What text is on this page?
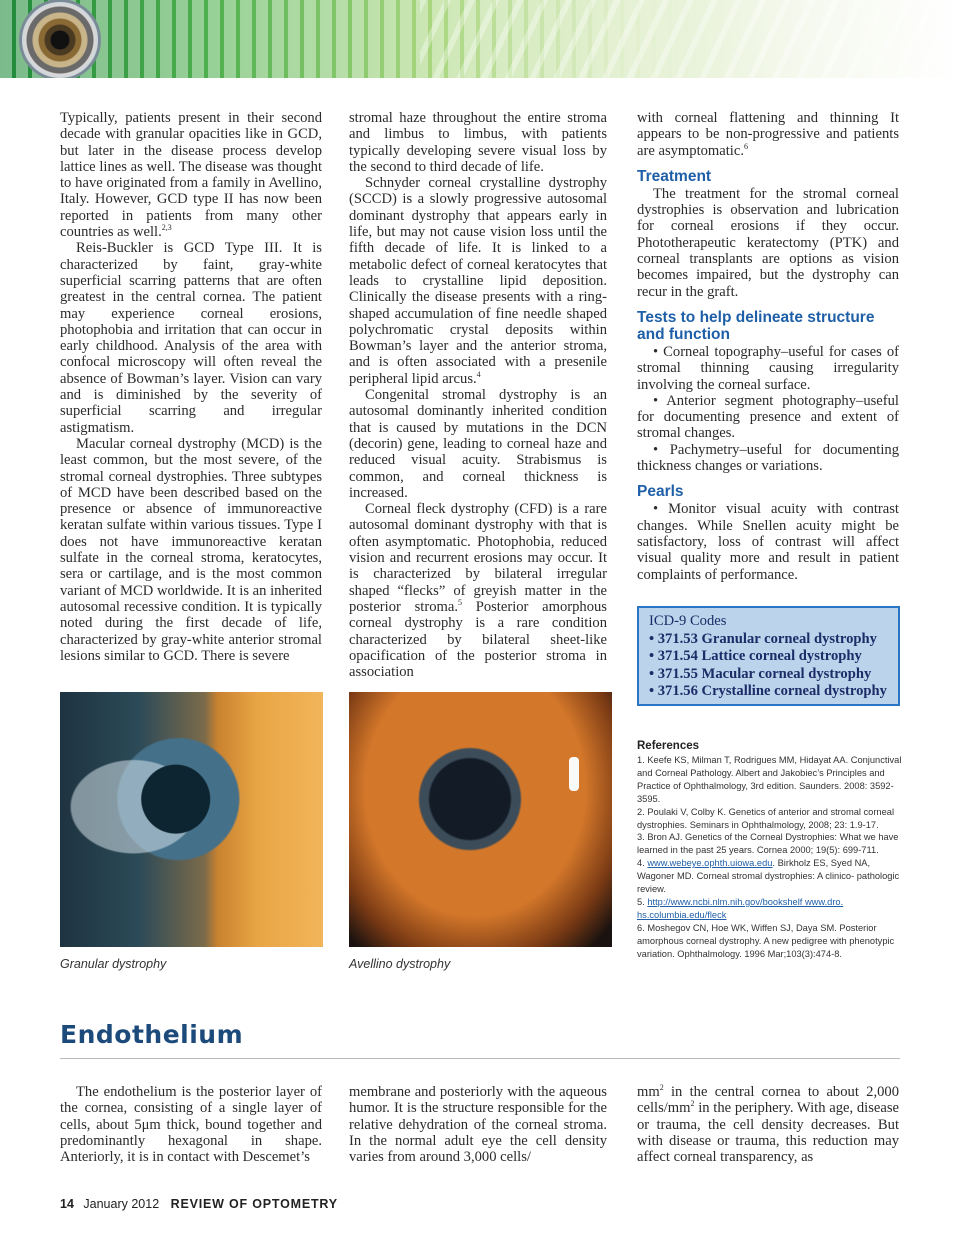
Typically, patients present in their second decade with granular opacities like in GCD, but later in the disease process develop lattice lines as well. The disease was thought to have originated from a family in Avellino, Italy. However, GCD type II has now been reported in patients from many other countries as well.$^{2,3}$

Reis-Buckler is GCD Type III. It is characterized by faint, gray-white superficial scarring patterns that are often greatest in the central cornea. The patient may experience corneal erosions, photophobia and irritation that can occur in early childhood. Analysis of the area with confocal microscopy will often reveal the absence of Bowman’s layer. Vision can vary and is diminished by the severity of superficial scarring and irregular astigmatism.

Macular corneal dystrophy (MCD) is the least common, but the most severe, of the stromal corneal dystrophies. Three subtypes of MCD have been described based on the presence or absence of immunoreactive keratan sulfate within various tissues. Type I does not have immunoreactive keratan sulfate in the corneal stroma, keratocytes, sera or cartilage, and is the most common variant of MCD worldwide. It is an inherited autosomal recessive condition. It is typically noted during the first decade of life, characterized by gray-white anterior stromal lesions similar to GCD. There is severe

stromal haze throughout the entire stroma and limbus to limbus, with patients typically developing severe visual loss by the second to third decade of life.

Schnyder corneal crystalline dystrophy (SCCD) is a slowly progressive autosomal dominant dystrophy that appears early in life, but may not cause vision loss until the fifth decade of life. It is linked to a metabolic defect of corneal keratocytes that leads to crystalline lipid deposition. Clinically the disease presents with a ring- shaped accumulation of fine needle shaped polychromatic crystal deposits within Bowman’s layer and the anterior stroma, and is often associated with a presenile peripheral lipid arcus.$^4$

Congenital stromal dystrophy is an autosomal dominantly inherited condition that is caused by mutations in the DCN (decorin) gene, leading to corneal haze and reduced visual acuity. Strabismus is common, and corneal thickness is increased.

Corneal fleck dystrophy (CFD) is a rare autosomal dominant dystrophy with that is often asymptomatic. Photophobia, reduced vision and recurrent erosions may occur. It is characterized by bilateral irregular shaped “flecks” of greyish matter in the posterior stroma.$^5$ Posterior amorphous corneal dystrophy is a rare condition characterized by bilateral sheet-like opacification of the posterior stroma in association

with corneal flattening and thinning It appears to be non-progressive and patients are asymptomatic.$^6$

Treatment

The treatment for the stromal corneal dystrophies is observation and lubrication for corneal erosions if they occur. Phototherapeutic keratectomy (PTK) and corneal transplants are options as vision becomes impaired, but the dystrophy can recur in the graft.

Tests to help delineate structure and function

• Corneal topography–useful for cases of stromal thinning causing irregularity involving the corneal surface.

• Anterior segment photography–useful for documenting presence and extent of stromal changes.

• Pachymetry–useful for documenting thickness changes or variations.

Pearls

• Monitor visual acuity with contrast changes. While Snellen acuity might be satisfactory, loss of contrast will affect visual quality more and result in patient complaints of performance.

ICD-9 Codes
• 371.53 Granular corneal dystrophy
• 371.54 Lattice corneal dystrophy
• 371.55 Macular corneal dystrophy
• 371.56 Crystalline corneal dystrophy
Granular dystrophy	Avellino dystrophy
References
1. Keefe KS, Milman T, Rodrigues MM, Hidayat AA. Conjunctival and Corneal Pathology. Albert and Jakobiec’s Principles and Practice of Ophthalmology, 3rd edition. Saunders. 2008: 3592-3595.
2. Poulaki V, Colby K. Genetics of anterior and stromal corneal dystrophies. Seminars in Ophthalmology, 2008; 23: 1.9-17.
3. Bron AJ. Genetics of the Corneal Dystrophies: What we have learned in the past 25 years. Cornea 2000; 19(5): 699-711.
4. www.webeye.ophth.uiowa.edu. Birkholz ES, Syed NA, Wagoner MD. Corneal stromal dystrophies: A clinico- pathologic review.
5. http://www.ncbi.nlm.nih.gov/bookshelf www.dro. hs.columbia.edu/fleck
6. Moshegov CN, Hoe WK, Wiffen SJ, Daya SM. Posterior amorphous corneal dystrophy. A new pedigree with phenotypic variation. Ophthalmology. 1996 Mar;103(3):474-8.
Endothelium

The endothelium is the posterior layer of the cornea, consisting of a single layer of cells, about 5μm thick, bound together and predominantly hexagonal in shape. Anteriorly, it is in contact with Descemet’s

membrane and posteriorly with the aqueous humor. It is the structure responsible for the relative dehydration of the corneal stroma. In the normal adult eye the cell density varies from around 3,000 cells/

$mm^2$ in the central cornea to about 2,000 cells/$mm^2$ in the periphery. With age, disease or trauma, the cell density decreases. But with disease or trauma, this reduction may affect corneal transparency, as

14 January 2012 REVIEW OF OPTOMETRY
